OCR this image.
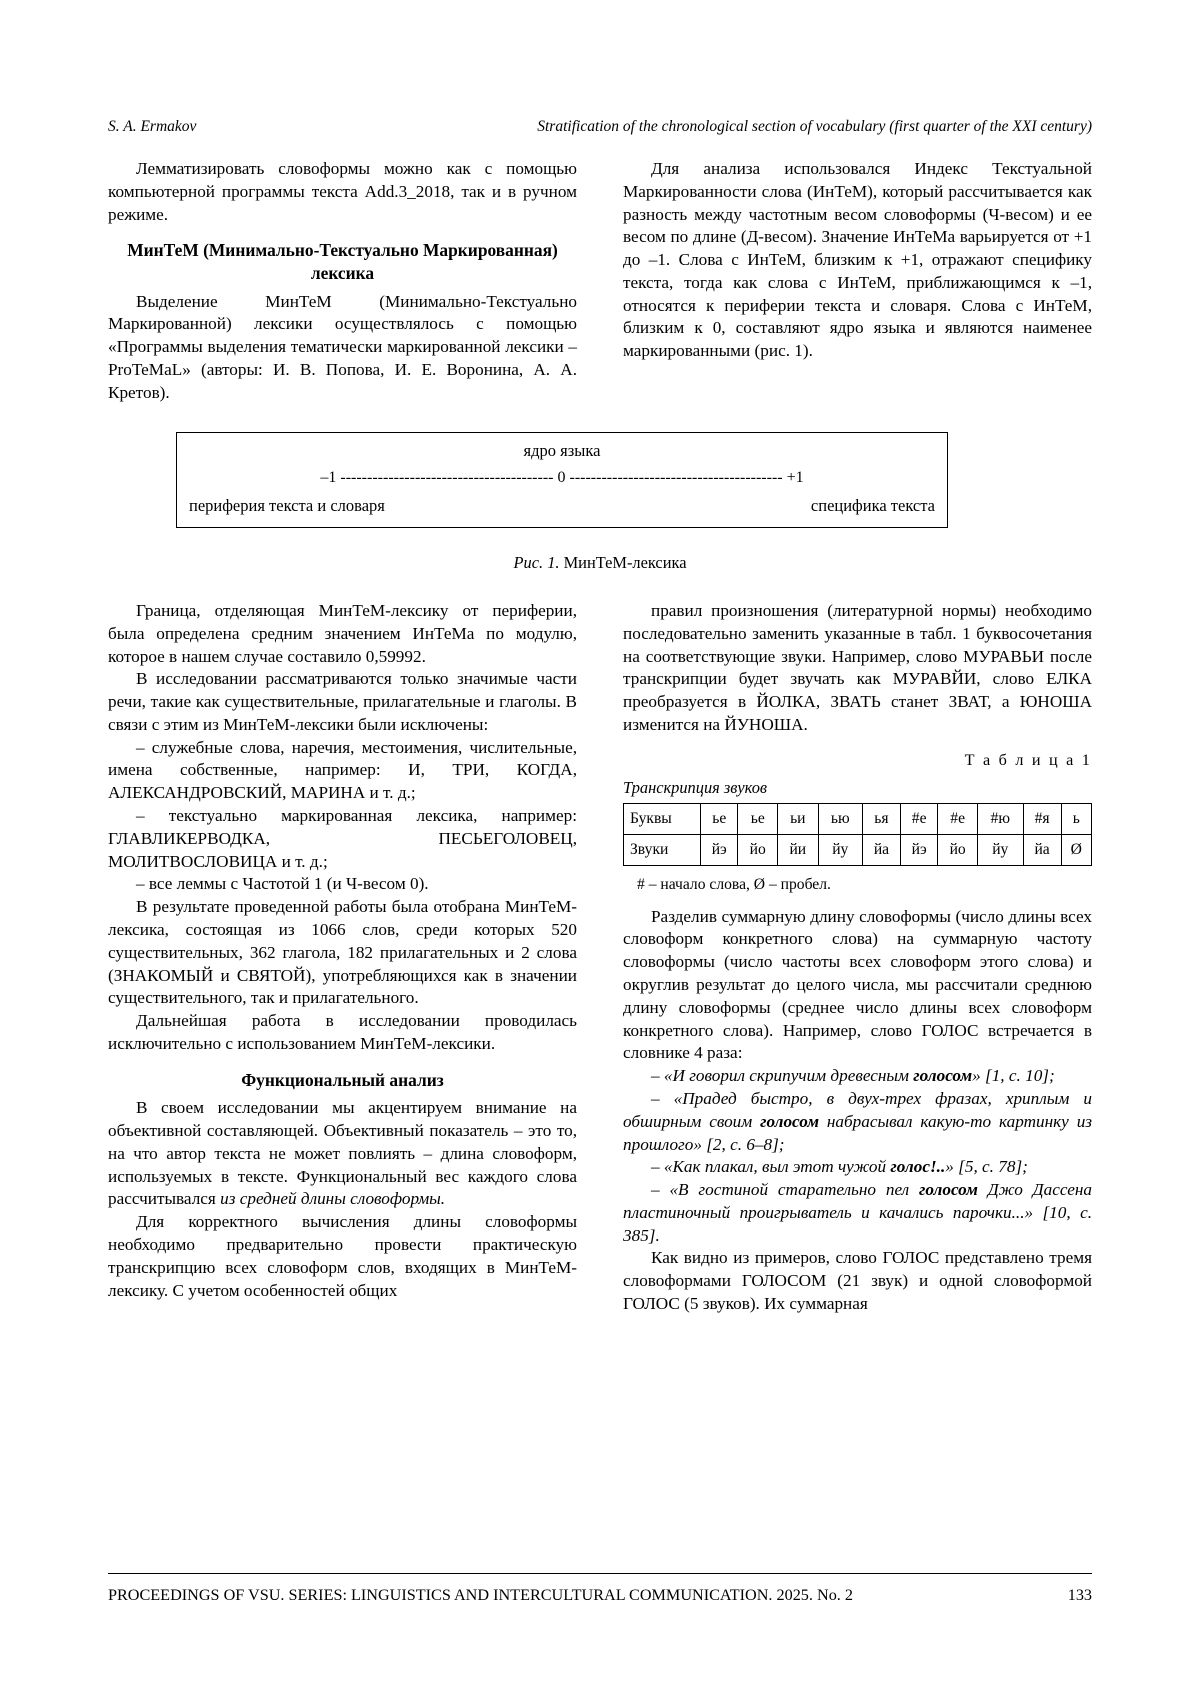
S. A. Ermakov	Stratification of the chronological section of vocabulary (first quarter of the XXI century)

Лемматизировать словоформы можно как с помощью компьютерной программы текста Add.3_2018, так и в ручном режиме.

МинТеМ (Минимально-Текстуально Маркированная) лексика

Выделение МинТеМ (Минимально-Текстуально Маркированной) лексики осуществлялось с помощью «Программы выделения тематически маркированной лексики – ProTeMaL» (авторы: И. В. Попова, И. Е. Воронина, А. А. Кретов).

Для анализа использовался Индекс Текстуальной Маркированности слова (ИнТеМ), который рассчитывается как разность между частотным весом словоформы (Ч-весом) и ее весом по длине (Д-весом). Значение ИнТеМа варьируется от +1 до –1. Слова с ИнТеМ, близким к +1, отражают специфику текста, тогда как слова с ИнТеМ, приближающимся к –1, относятся к периферии текста и словаря. Слова с ИнТеМ, близким к 0, составляют ядро языка и являются наименее маркированными (рис. 1).

ядро языка
–1 ---------------------------------------- 0 ---------------------------------------- +1
периферия текста и словаря	специфика текста
Рис. 1. МинТеМ-лексика

Граница, отделяющая МинТеМ-лексику от периферии, была определена средним значением ИнТеМа по модулю, которое в нашем случае составило 0,59992.

В исследовании рассматриваются только значимые части речи, такие как существительные, прилагательные и глаголы. В связи с этим из МинТеМ-лексики были исключены:

– служебные слова, наречия, местоимения, числительные, имена собственные, например: И, ТРИ, КОГДА, АЛЕКСАНДРОВСКИЙ, МАРИНА и т. д.;

– текстуально маркированная лексика, например: ГЛАВЛИКЕРВОДКА, ПЕСЬЕГОЛОВЕЦ, МОЛИТВОСЛОВИЦА и т. д.;

– все леммы с Частотой 1 (и Ч-весом 0).

В результате проведенной работы была отобрана МинТеМ-лексика, состоящая из 1066 слов, среди которых 520 существительных, 362 глагола, 182 прилагательных и 2 слова (ЗНАКОМЫЙ и СВЯТОЙ), употребляющихся как в значении существительного, так и прилагательного.

Дальнейшая работа в исследовании проводилась исключительно с использованием МинТеМ-лексики.

Функциональный анализ

В своем исследовании мы акцентируем внимание на объективной составляющей. Объективный показатель – это то, на что автор текста не может повлиять – длина словоформ, используемых в тексте. Функциональный вес каждого слова рассчитывался из средней длины словоформы.

Для корректного вычисления длины словоформы необходимо предварительно провести практическую транскрипцию всех словоформ слов, входящих в МинТеМ-лексику. С учетом особенностей общих

правил произношения (литературной нормы) необходимо последовательно заменить указанные в табл. 1 буквосочетания на соответствующие звуки. Например, слово МУРАВЬИ после транскрипции будет звучать как МУРАВЙИ, слово ЕЛКА преобразуется в ЙОЛКА, ЗВАТЬ станет ЗВАТ, а ЮНОША изменится на ЙУНОША.

Т а б л и ц а 1
Транскрипция звуков
Буквы	ье	ье	ьи	ью	ья	#е	#е	#ю	#я	ь
Звуки	йэ	йо	йи	йу	йа	йэ	йо	йу	йа	Ø
# – начало слова, Ø – пробел.

Разделив суммарную длину словоформы (число длины всех словоформ конкретного слова) на суммарную частоту словоформы (число частоты всех словоформ этого слова) и округлив результат до целого числа, мы рассчитали среднюю длину словоформы (среднее число длины всех словоформ конкретного слова). Например, слово ГОЛОС встречается в словнике 4 раза:

– «И говорил скрипучим древесным голосом» [1, с. 10];

– «Прадед быстро, в двух-трех фразах, хриплым и обширным своим голосом набрасывал какую-то картинку из прошлого» [2, с. 6–8];

– «Как плакал, выл этот чужой голос!..» [5, с. 78];

– «В гостиной старательно пел голосом Джо Дассена пластиночный проигрыватель и качались парочки...» [10, с. 385].

Как видно из примеров, слово ГОЛОС представлено тремя словоформами ГОЛОСОМ (21 звук) и одной словоформой ГОЛОС (5 звуков). Их суммарная

PROCEEDINGS OF VSU. SERIES: LINGUISTICS AND INTERCULTURAL COMMUNICATION. 2025. No. 2	133
